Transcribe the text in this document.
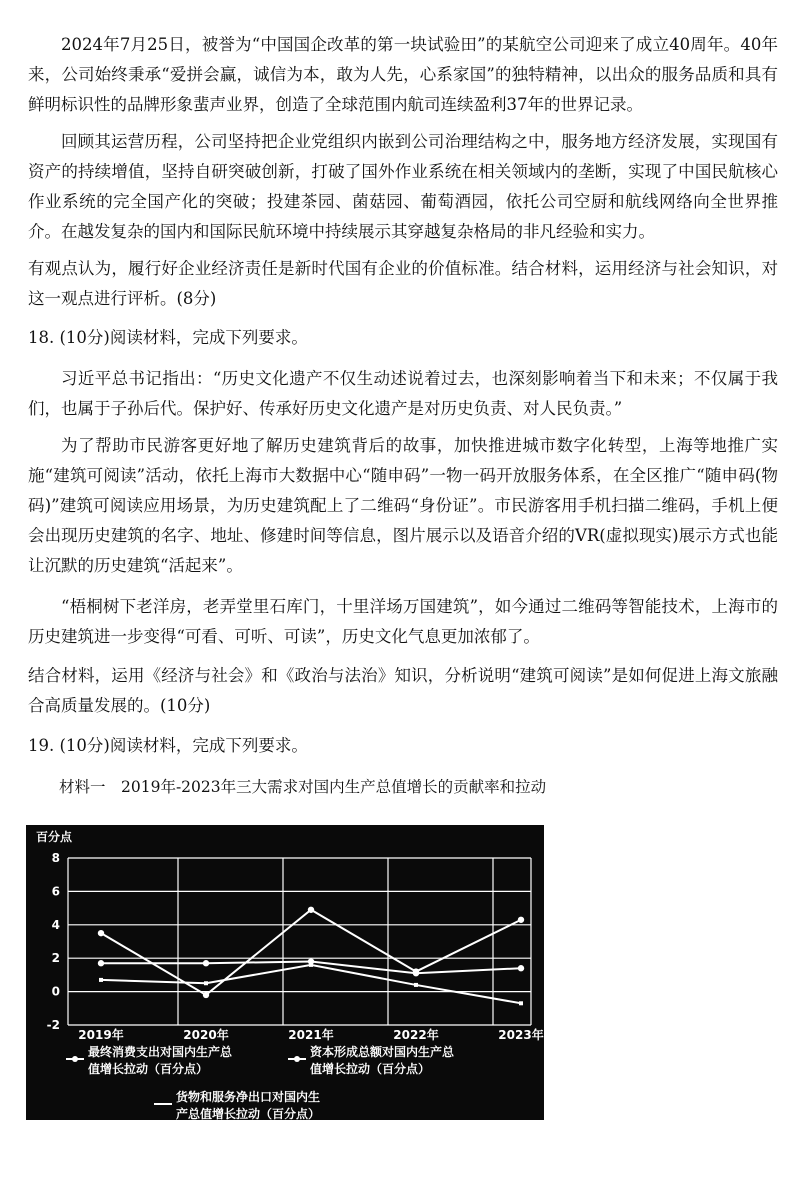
2024年7月25日，被誉为“中国国企改革的第一块试验田”的某航空公司迎来了成立40周年。40年来，公司始终秉承“爱拼会赢，诚信为本，敢为人先，心系家国”的独特精神，以出众的服务品质和具有鲜明标识性的品牌形象蜚声业界，创造了全球范围内航司连续盈利37年的世界记录。

回顾其运营历程，公司坚持把企业党组织内嵌到公司治理结构之中，服务地方经济发展，实现国有资产的持续增值，坚持自研突破创新，打破了国外作业系统在相关领域内的垄断，实现了中国民航核心作业系统的完全国产化的突破；投建茶园、菌菇园、葡萄酒园，依托公司空厨和航线网络向全世界推介。在越发复杂的国内和国际民航环境中持续展示其穿越复杂格局的非凡经验和实力。

有观点认为，履行好企业经济责任是新时代国有企业的价值标准。结合材料，运用经济与社会知识，对这一观点进行评析。(8分)

18. (10分)阅读材料，完成下列要求。

习近平总书记指出：“历史文化遗产不仅生动述说着过去，也深刻影响着当下和未来；不仅属于我们，也属于子孙后代。保护好、传承好历史文化遗产是对历史负责、对人民负责。”

为了帮助市民游客更好地了解历史建筑背后的故事，加快推进城市数字化转型，上海等地推广实施“建筑可阅读”活动，依托上海市大数据中心“随申码”一物一码开放服务体系，在全区推广“随申码(物码)”建筑可阅读应用场景，为历史建筑配上了二维码“身份证”。市民游客用手机扫描二维码，手机上便会出现历史建筑的名字、地址、修建时间等信息，图片展示以及语音介绍的VR(虚拟现实)展示方式也能让沉默的历史建筑“活起来”。

“梧桐树下老洋房，老弄堂里石库门，十里洋场万国建筑”，如今通过二维码等智能技术，上海市的历史建筑进一步变得“可看、可听、可读”，历史文化气息更加浓郁了。

结合材料，运用《经济与社会》和《政治与法治》知识，分析说明“建筑可阅读”是如何促进上海文旅融合高质量发展的。(10分)

19. (10分)阅读材料，完成下列要求。

材料一　2019年-2023年三大需求对国内生产总值增长的贡献率和拉动

百分点
8
6
4
2
0
-2
2019年	2020年	2021年	2022年	2023年
最终消费支出对国内生产总
值增长拉动（百分点）
资本形成总额对国内生产总
值增长拉动（百分点）
货物和服务净出口对国内生
产总值增长拉动（百分点）
